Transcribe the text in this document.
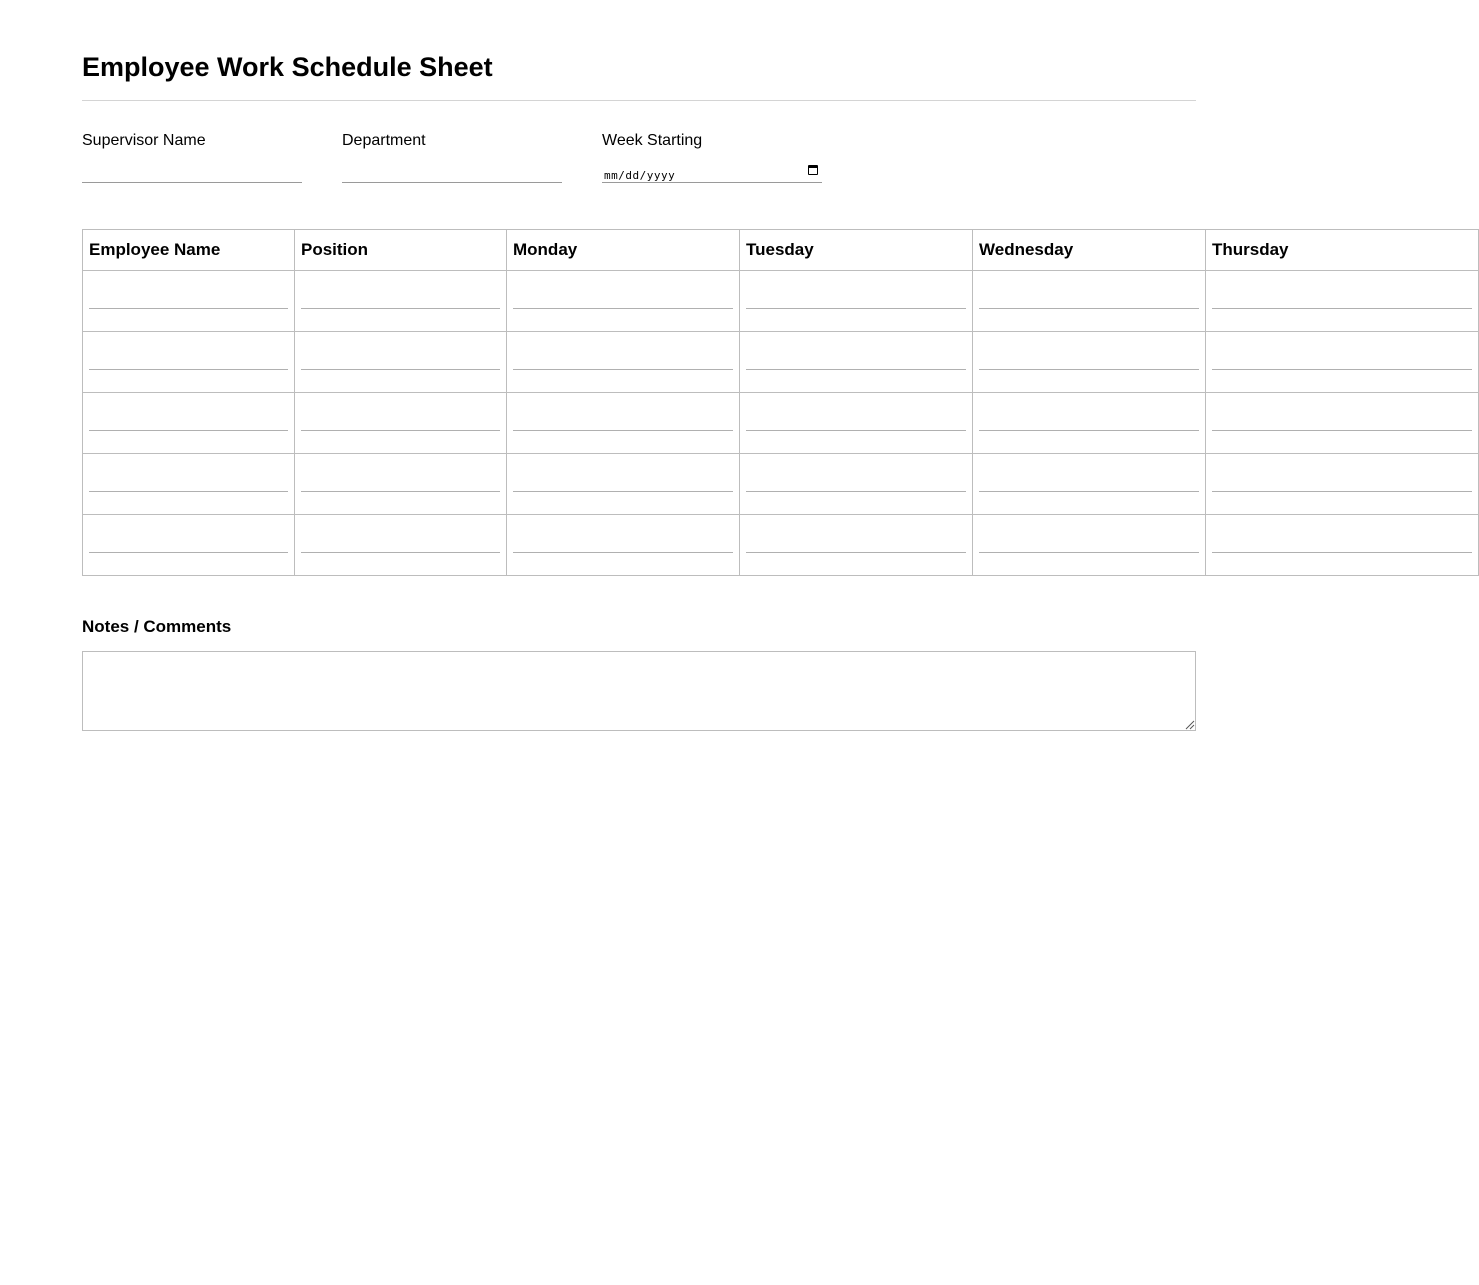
Employee Work Schedule Sheet
Supervisor Name	Department	Week Starting
mm/dd/yyyy
Employee Name	Position	Monday	Tuesday	Wednesday	Thursday

Notes / Comments
